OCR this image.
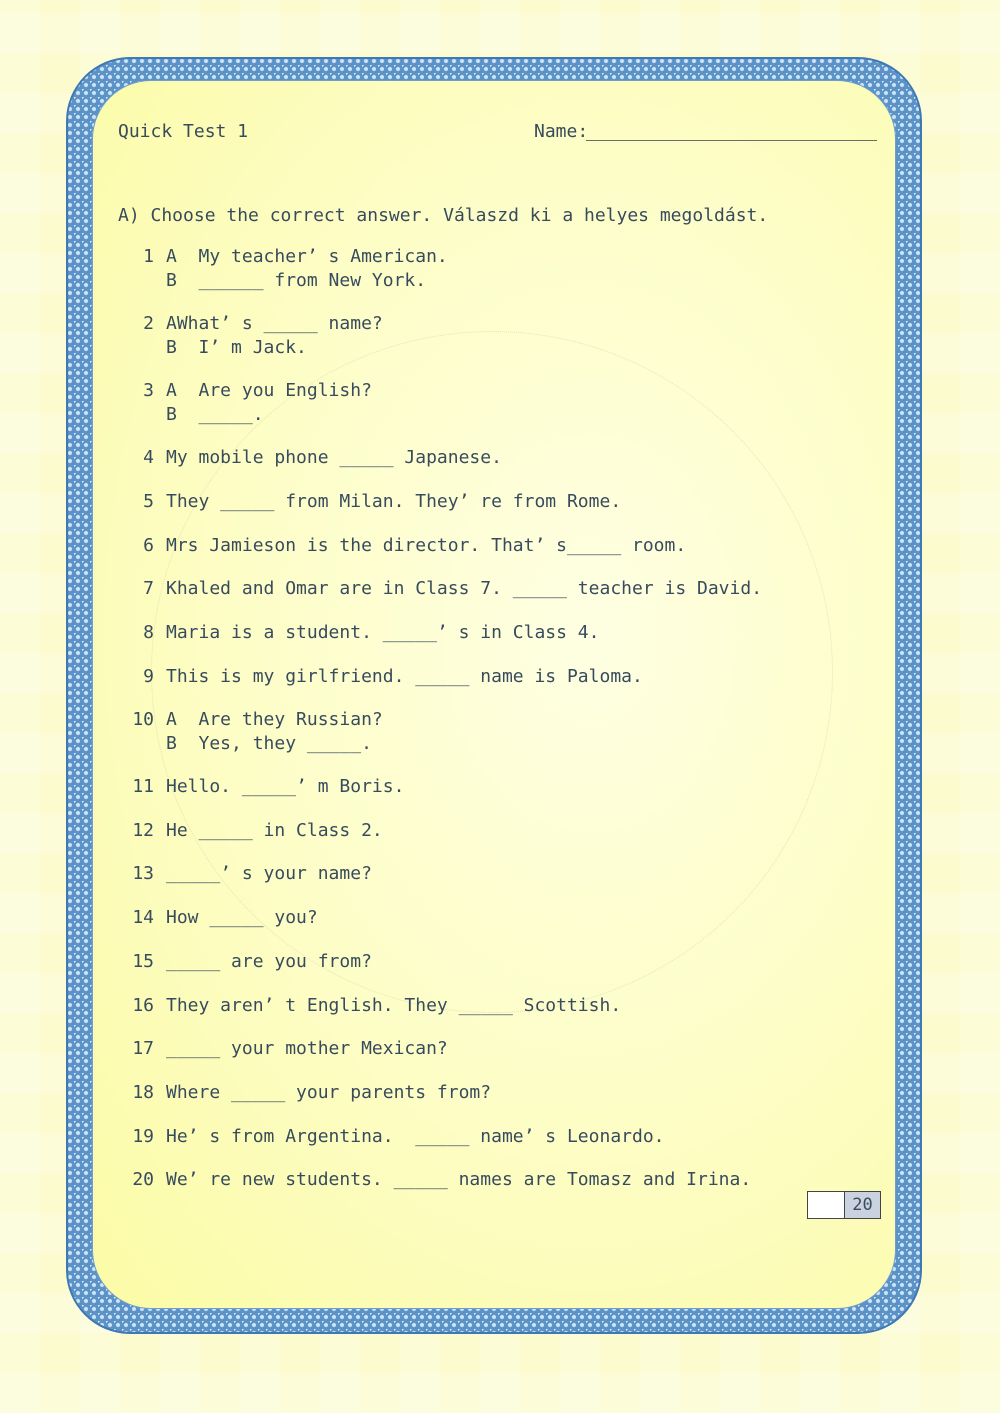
Quick Test 1	Name:
A) Choose the correct answer. Válaszd ki a helyes megoldást.
1 A  My teacher’ s American.
B  ______ from New York.
2 AWhat’ s _____ name?
B  I’ m Jack.
3 A  Are you English?
B  _____.
4 My mobile phone _____ Japanese.
5 They _____ from Milan. They’ re from Rome.
6 Mrs Jamieson is the director. That’ s_____ room.
7 Khaled and Omar are in Class 7. _____ teacher is David.
8 Maria is a student. _____’ s in Class 4.
9 This is my girlfriend. _____ name is Paloma.
10 A  Are they Russian?
B  Yes, they _____.
11 Hello. _____’ m Boris.
12 He _____ in Class 2.
13 _____’ s your name?
14 How _____ you?
15 _____ are you from?
16 They aren’ t English. They _____ Scottish.
17 _____ your mother Mexican?
18 Where _____ your parents from?
19 He’ s from Argentina.  _____ name’ s Leonardo.
20 We’ re new students. _____ names are Tomasz and Irina.
20
